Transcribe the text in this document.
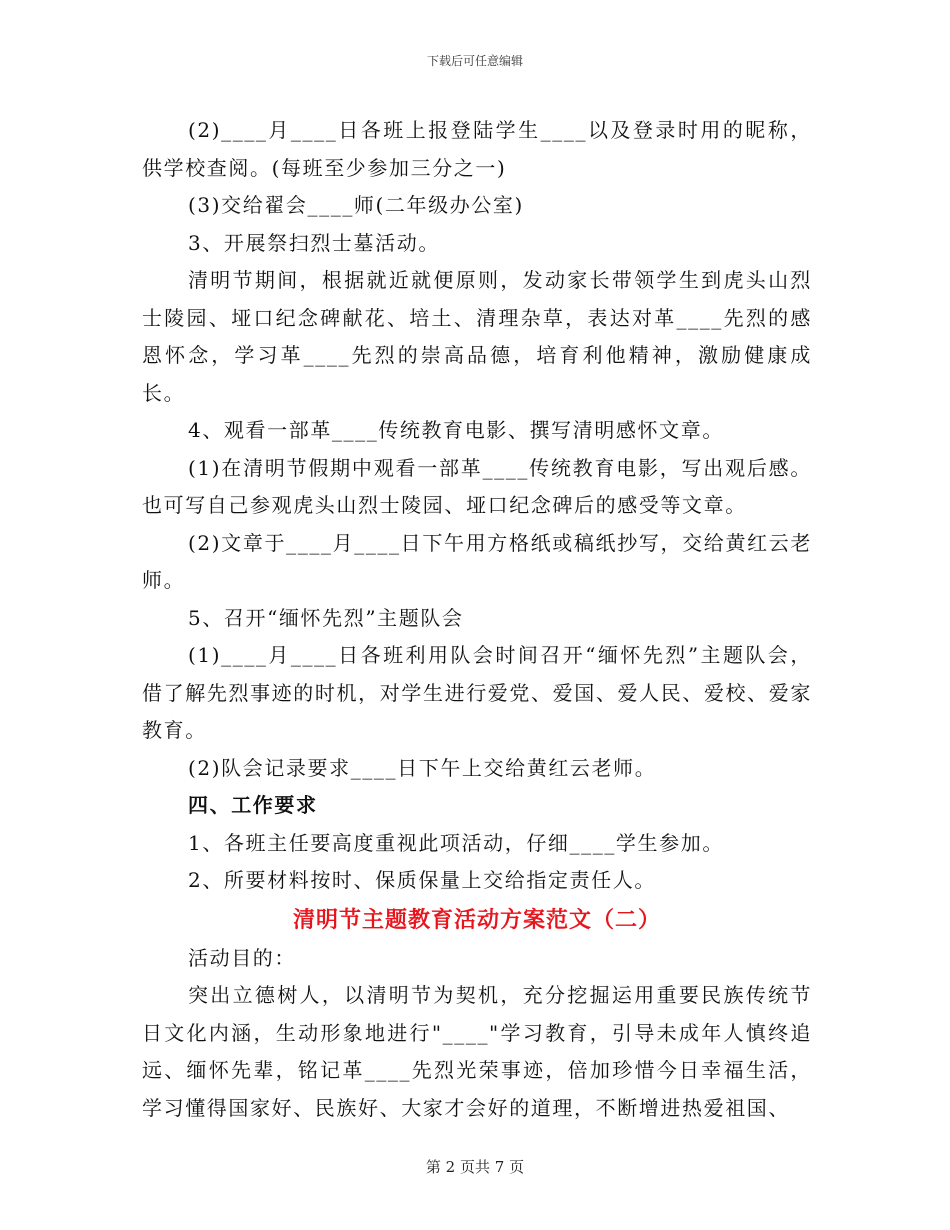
下载后可任意编辑

(2)____月____日各班上报登陆学生____以及登录时用的昵称，供学校查阅。(每班至少参加三分之一)

(3)交给翟会____师(二年级办公室)

3、开展祭扫烈士墓活动。

清明节期间，根据就近就便原则，发动家长带领学生到虎头山烈士陵园、垭口纪念碑献花、培土、清理杂草，表达对革____先烈的感恩怀念，学习革____先烈的崇高品德，培育利他精神，激励健康成长。

4、观看一部革____传统教育电影、撰写清明感怀文章。

(1)在清明节假期中观看一部革____传统教育电影，写出观后感。也可写自己参观虎头山烈士陵园、垭口纪念碑后的感受等文章。

(2)文章于____月____日下午用方格纸或稿纸抄写，交给黄红云老师。

5、召开“缅怀先烈”主题队会

(1)____月____日各班利用队会时间召开“缅怀先烈”主题队会，借了解先烈事迹的时机，对学生进行爱党、爱国、爱人民、爱校、爱家教育。

(2)队会记录要求____日下午上交给黄红云老师。

四、工作要求

1、各班主任要高度重视此项活动，仔细____学生参加。

2、所要材料按时、保质保量上交给指定责任人。

清明节主题教育活动方案范文（二）

活动目的：

突出立德树人，以清明节为契机，充分挖掘运用重要民族传统节日文化内涵，生动形象地进行"____"学习教育，引导未成年人慎终追远、缅怀先辈，铭记革____先烈光荣事迹，倍加珍惜今日幸福生活，学习懂得国家好、民族好、大家才会好的道理，不断增进热爱祖国、

第 2 页共 7 页
